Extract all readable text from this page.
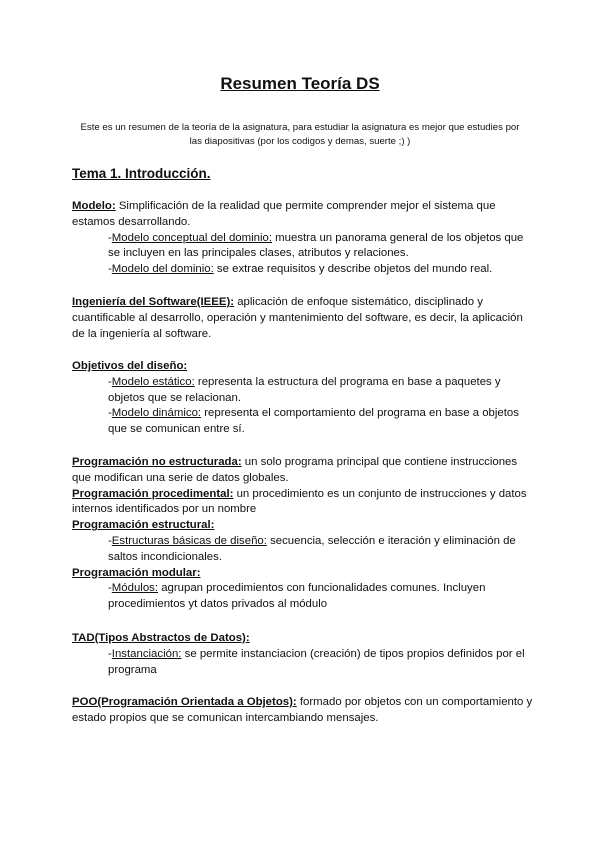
Resumen Teoría DS

Este es un resumen de la teoría de la asignatura, para estudiar la asignatura es mejor que estudies por las diapositivas (por los codigos y demas, suerte ;) )

Tema 1. Introducción.

Modelo: Simplificación de la realidad que permite comprender mejor el sistema que estamos desarrollando.

-Modelo conceptual del dominio: muestra un panorama general de los objetos que se incluyen en las principales clases, atributos y relaciones.

-Modelo del dominio: se extrae requisitos y describe objetos del mundo real.

Ingeniería del Software(IEEE): aplicación de enfoque sistemático, disciplinado y cuantificable al desarrollo, operación y mantenimiento del software, es decir, la aplicación de la ingeniería al software.

Objetivos del diseño:

-Modelo estático: representa la estructura del programa en base a paquetes y objetos que se relacionan.

-Modelo dinámico: representa el comportamiento del programa en base a objetos que se comunican entre sí.

Programación no estructurada: un solo programa principal que contiene instrucciones que modifican una serie de datos globales.

Programación procedimental: un procedimiento es un conjunto de instrucciones y datos internos identificados por un nombre

Programación estructural:

-Estructuras básicas de diseño: secuencia, selección e iteración y eliminación de saltos incondicionales.

Programación modular:

-Módulos: agrupan procedimientos con funcionalidades comunes. Incluyen procedimientos yt datos privados al módulo

TAD(Tipos Abstractos de Datos):

-Instanciación: se permite instanciacion (creación) de tipos propios definidos por el programa

POO(Programación Orientada a Objetos): formado por objetos con un comportamiento y estado propios que se comunican intercambiando mensajes.
